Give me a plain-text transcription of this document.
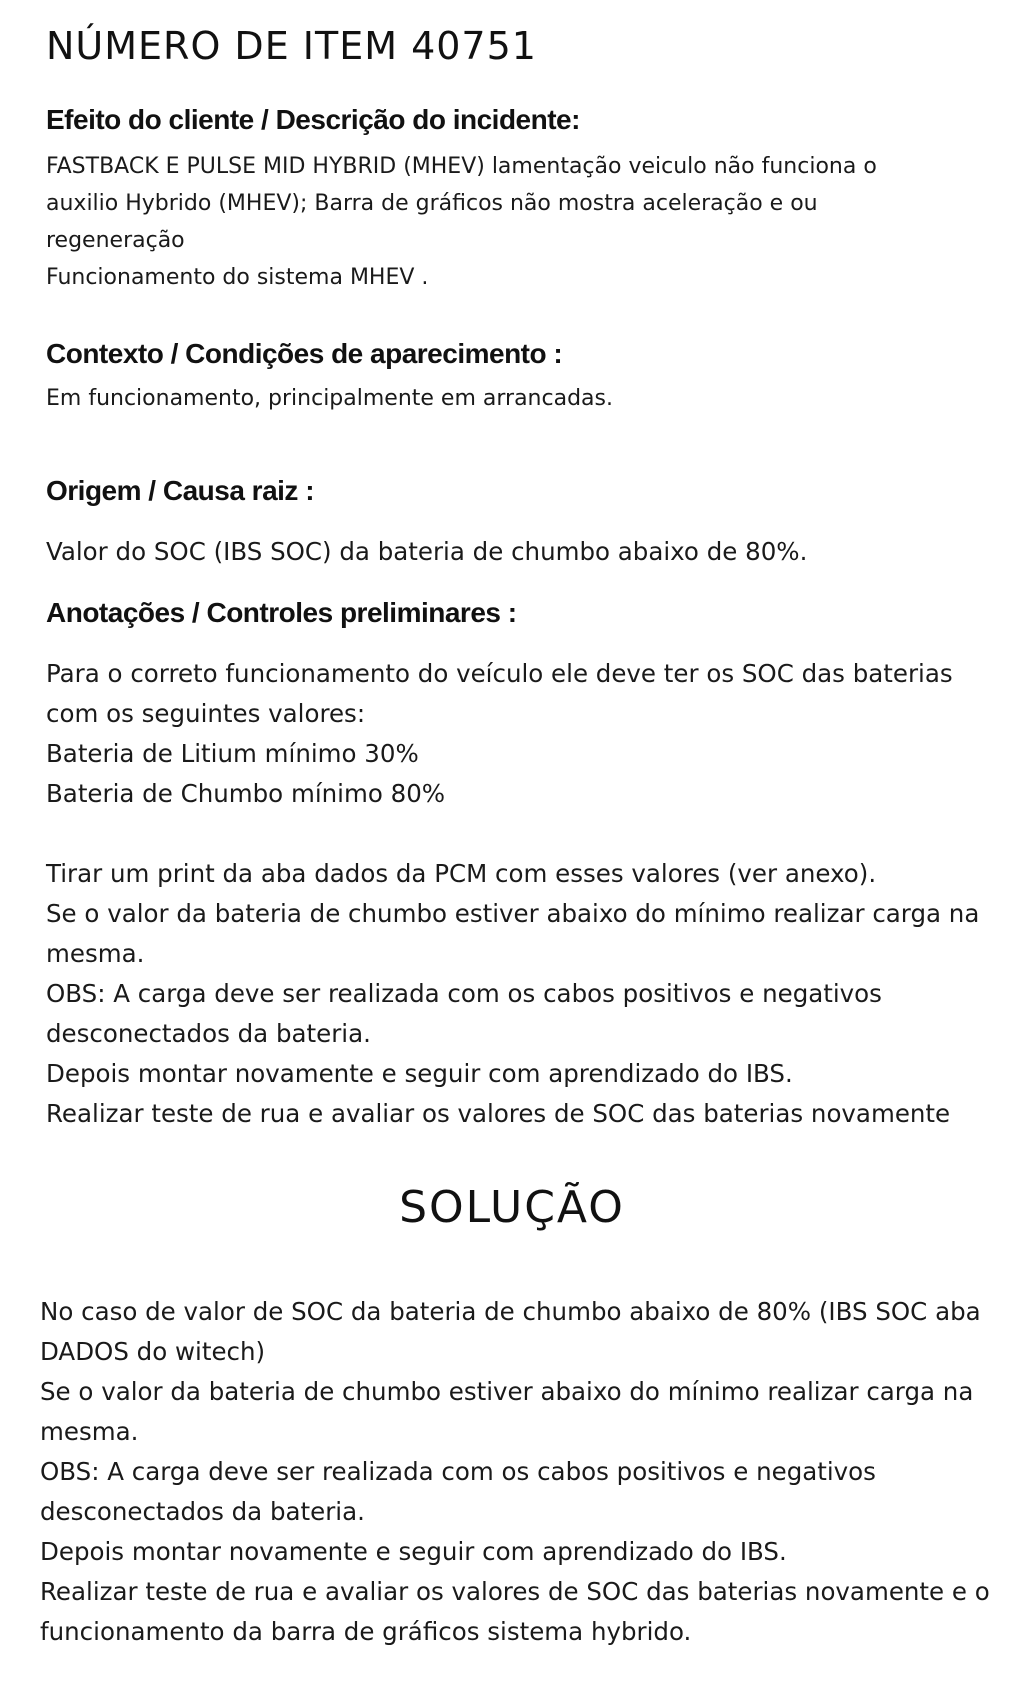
NÚMERO DE ITEM 40751
Efeito do cliente / Descrição do incidente:
FASTBACK E PULSE MID HYBRID (MHEV) lamentação veiculo não funciona o
auxilio Hybrido (MHEV); Barra de gráficos não mostra aceleração e ou
regeneração
Funcionamento do sistema MHEV .
Contexto / Condições de aparecimento :
Em funcionamento, principalmente em arrancadas.
Origem / Causa raiz :
Valor do SOC (IBS SOC) da bateria de chumbo abaixo de 80%.
Anotações / Controles preliminares :
Para o correto funcionamento do veículo ele deve ter os SOC das baterias
com os seguintes valores:
Bateria de Litium mínimo 30%
Bateria de Chumbo mínimo 80%
Tirar um print da aba dados da PCM com esses valores (ver anexo).
Se o valor da bateria de chumbo estiver abaixo do mínimo realizar carga na
mesma.
OBS: A carga deve ser realizada com os cabos positivos e negativos
desconectados da bateria.
Depois montar novamente e seguir com aprendizado do IBS.
Realizar teste de rua e avaliar os valores de SOC das baterias novamente
SOLUÇÃO
No caso de valor de SOC da bateria de chumbo abaixo de 80% (IBS SOC aba
DADOS do witech)
Se o valor da bateria de chumbo estiver abaixo do mínimo realizar carga na
mesma.
OBS: A carga deve ser realizada com os cabos positivos e negativos
desconectados da bateria.
Depois montar novamente e seguir com aprendizado do IBS.
Realizar teste de rua e avaliar os valores de SOC das baterias novamente e o
funcionamento da barra de gráficos sistema hybrido.
